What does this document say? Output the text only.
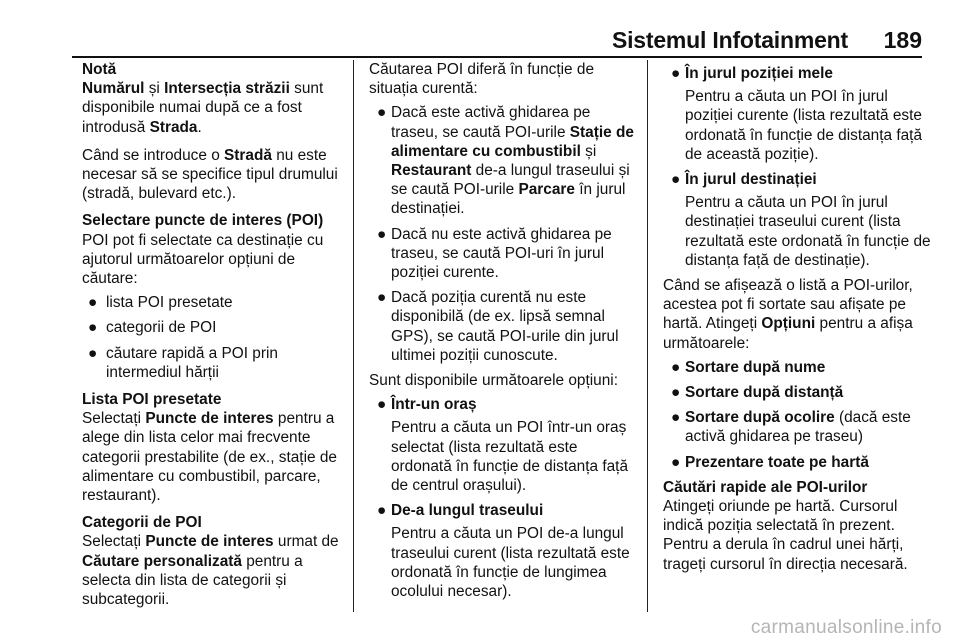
Sistemul Infotainment 189
Notă

Numărul și Intersecția străzii sunt disponibile numai după ce a fost introdusă Strada.

Când se introduce o Stradă nu este necesar să se specifice tipul drumului (stradă, bulevard etc.).

Selectare puncte de interes (POI)

POI pot fi selectate ca destinație cu ajutorul următoarelor opțiuni de căutare:

● lista POI presetate
● categorii de POI
● căutare rapidă a POI prin intermediul hărții
Lista POI presetate

Selectați Puncte de interes pentru a alege din lista celor mai frecvente categorii prestabilite (de ex., stație de alimentare cu combustibil, parcare, restaurant).

Categorii de POI

Selectați Puncte de interes urmat de Căutare personalizată pentru a selecta din lista de categorii și subcategorii.

Căutarea POI diferă în funcție de situația curentă:

● Dacă este activă ghidarea pe traseu, se caută POI-urile Stație de alimentare cu combustibil și Restaurant de-a lungul traseului și se caută POI-urile Parcare în jurul destinației.
● Dacă nu este activă ghidarea pe traseu, se caută POI-uri în jurul poziției curente.
● Dacă poziția curentă nu este disponibilă (de ex. lipsă semnal GPS), se caută POI-urile din jurul ultimei poziții cunoscute.

Sunt disponibile următoarele opțiuni:

● Într-un oraș
Pentru a căuta un POI într-un oraș selectat (lista rezultată este ordonată în funcție de distanța față de centrul orașului).
● De-a lungul traseului
Pentru a căuta un POI de-a lungul traseului curent (lista rezultată este ordonată în funcție de lungimea ocolului necesar).
● În jurul poziției mele
Pentru a căuta un POI în jurul poziției curente (lista rezultată este ordonată în funcție de distanța față de această poziție).
● În jurul destinației
Pentru a căuta un POI în jurul destinației traseului curent (lista rezultată este ordonată în funcție de distanța față de destinație).

Când se afișează o listă a POI-urilor, acestea pot fi sortate sau afișate pe hartă. Atingeți Opțiuni pentru a afișa următoarele:

● Sortare după nume
● Sortare după distanță
● Sortare după ocolire (dacă este activă ghidarea pe traseu)
● Prezentare toate pe hartă
Căutări rapide ale POI-urilor

Atingeți oriunde pe hartă. Cursorul indică poziția selectată în prezent. Pentru a derula în cadrul unei hărți, trageți cursorul în direcția necesară.

carmanualsonline.info
